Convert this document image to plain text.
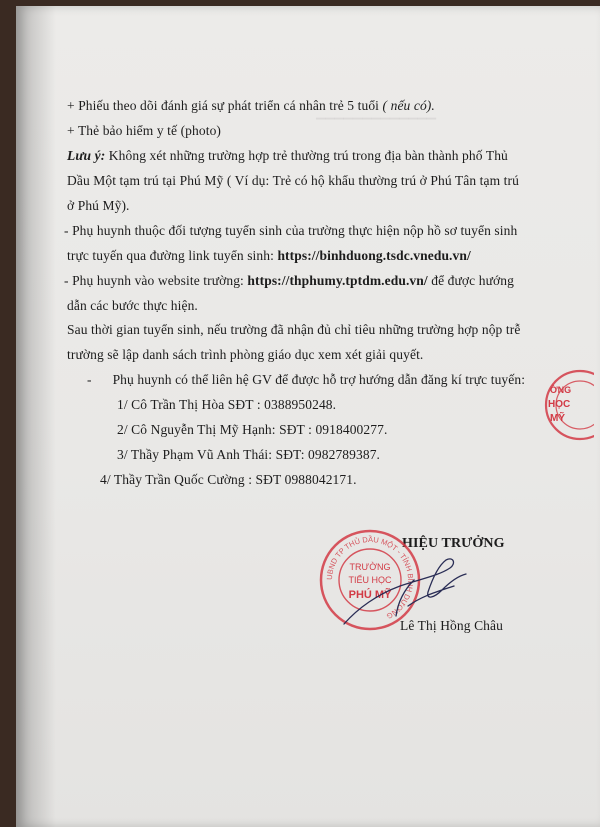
▔▔▔▔▔▔▔▔▔▔▔▔▔
+ Phiếu theo dõi đánh giá sự phát triển cá nhân trẻ 5 tuổi ( nếu có).
+ Thẻ bảo hiểm y tế (photo)
Lưu ý: Không xét những trường hợp trẻ thường trú trong địa bàn thành phố Thủ
Dầu Một tạm trú tại Phú Mỹ ( Ví dụ: Trẻ có hộ khẩu thường trú ở Phú Tân tạm trú
ở Phú Mỹ).
- Phụ huynh thuộc đối tượng tuyển sinh của trường thực hiện nộp hồ sơ tuyển sinh
trực tuyến qua đường link tuyển sinh: https://binhduong.tsdc.vnedu.vn/
- Phụ huynh vào website trường: https://thphumy.tptdm.edu.vn/ để được hướng
dẫn các bước thực hiện.
Sau thời gian tuyển sinh, nếu trường đã nhận đủ chỉ tiêu những trường hợp nộp trễ
trường sẽ lập danh sách trình phòng giáo dục xem xét giải quyết.
- Phụ huynh có thể liên hệ GV để được hỗ trợ hướng dẫn đăng kí trực tuyến:
1/ Cô Trần Thị Hòa SĐT : 0388950248.
2/ Cô Nguyễn Thị Mỹ Hạnh: SĐT : 0918400277.
3/ Thầy Phạm Vũ Anh Thái: SĐT: 0982789387.
4/ Thầy Trần Quốc Cường : SĐT 0988042171.
ỜNG
HỌC
MỸ
HIỆU TRƯỞNG
UBND TP THỦ DẦU MỘT - TỈNH BÌNH DƯƠNG
TRƯỜNG
TIỂU HỌC
PHÚ MỸ
Lê Thị Hồng Châu
